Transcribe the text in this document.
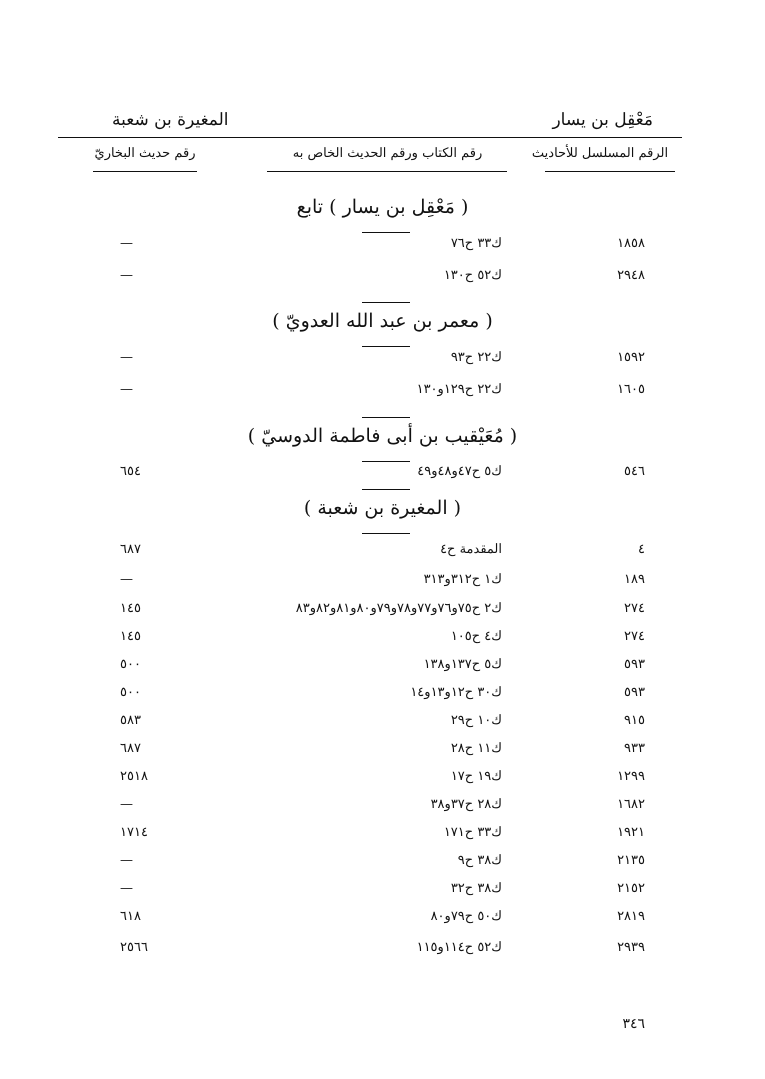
مَعْقِل بن يسار
المغيرة بن شعبة
الرقم المسلسل للأحاديث
رقم الكتاب ورقم الحديث الخاص به
رقم حديث البخاريّ
( مَعْقِل بن يسار ) تابع
١٨٥٨
ك٣٣ ح٧٦
—
٢٩٤٨
ك٥٢ ح١٣٠
—
( معمر بن عبد الله العدويّ )
١٥٩٢
ك٢٢ ح٩٣
—
١٦٠٥
ك٢٢ ح١٢٩و١٣٠
—
( مُعَيْقيب بن أبى فاطمة الدوسيّ )
٥٤٦
ك٥ ح٤٧و٤٨و٤٩
٦٥٤
( المغيرة بن شعبة )
٤
المقدمة ح٤
٦٨٧
١٨٩
ك١ ح٣١٢و٣١٣
—
٢٧٤
ك٢ ح٧٥و٧٦و٧٧و٧٨و٧٩و٨٠و٨١و٨٢و٨٣
١٤٥
٢٧٤
ك٤ ح١٠٥
١٤٥
٥٩٣
ك٥ ح١٣٧و١٣٨
٥٠٠
٥٩٣
ك٣٠ ح١٢و١٣و١٤
٥٠٠
٩١٥
ك١٠ ح٢٩
٥٨٣
٩٣٣
ك١١ ح٢٨
٦٨٧
١٢٩٩
ك١٩ ح١٧
٢٥١٨
١٦٨٢
ك٢٨ ح٣٧و٣٨
—
١٩٢١
ك٣٣ ح١٧١
١٧١٤
٢١٣٥
ك٣٨ ح٩
—
٢١٥٢
ك٣٨ ح٣٢
—
٢٨١٩
ك٥٠ ح٧٩و٨٠
٦١٨
٢٩٣٩
ك٥٢ ح١١٤و١١٥
٢٥٦٦
٣٤٦
